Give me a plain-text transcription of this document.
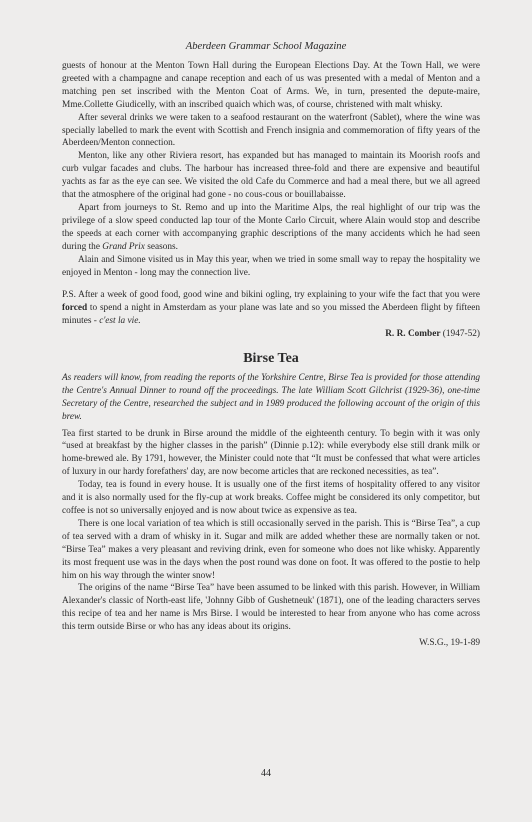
Aberdeen Grammar School Magazine

guests of honour at the Menton Town Hall during the European Elections Day. At the Town Hall, we were greeted with a champagne and canape reception and each of us was presented with a medal of Menton and a matching pen set inscribed with the Menton Coat of Arms. We, in turn, presented the depute-maire, Mme.Collette Giudicelly, with an inscribed quaich which was, of course, christened with malt whisky.

After several drinks we were taken to a seafood restaurant on the waterfront (Sablet), where the wine was specially labelled to mark the event with Scottish and French insignia and commemoration of fifty years of the Aberdeen/Menton connection.

Menton, like any other Riviera resort, has expanded but has managed to maintain its Moorish roofs and curb vulgar facades and clubs. The harbour has increased three-fold and there are expensive and beautiful yachts as far as the eye can see. We visited the old Cafe du Commerce and had a meal there, but we all agreed that the atmosphere of the original had gone - no cous-cous or bouillabaisse.

Apart from journeys to St. Remo and up into the Maritime Alps, the real highlight of our trip was the privilege of a slow speed conducted lap tour of the Monte Carlo Circuit, where Alain would stop and describe the speeds at each corner with accompanying graphic descriptions of the many accidents which he had seen during the Grand Prix seasons.

Alain and Simone visited us in May this year, when we tried in some small way to repay the hospitality we enjoyed in Menton - long may the connection live.

P.S. After a week of good food, good wine and bikini ogling, try explaining to your wife the fact that you were forced to spend a night in Amsterdam as your plane was late and so you missed the Aberdeen flight by fifteen minutes - c'est la vie.

R. R. Comber (1947-52)

Birse Tea

As readers will know, from reading the reports of the Yorkshire Centre, Birse Tea is provided for those attending the Centre's Annual Dinner to round off the proceedings. The late William Scott Gilchrist (1929-36), one-time Secretary of the Centre, researched the subject and in 1989 produced the following account of the origin of this brew.

Tea first started to be drunk in Birse around the middle of the eighteenth century. To begin with it was only “used at breakfast by the higher classes in the parish” (Dinnie p.12): while everybody else still drank milk or home-brewed ale. By 1791, however, the Minister could note that “It must be confessed that what were articles of luxury in our hardy forefathers' day, are now become articles that are reckoned necessities, as tea”.

Today, tea is found in every house. It is usually one of the first items of hospitality offered to any visitor and it is also normally used for the fly-cup at work breaks. Coffee might be considered its only competitor, but coffee is not so universally enjoyed and is now about twice as expensive as tea.

There is one local variation of tea which is still occasionally served in the parish. This is “Birse Tea”, a cup of tea served with a dram of whisky in it. Sugar and milk are added whether these are normally taken or not. “Birse Tea” makes a very pleasant and reviving drink, even for someone who does not like whisky. Apparently its most frequent use was in the days when the post round was done on foot. It was offered to the postie to help him on his way through the winter snow!

The origins of the name “Birse Tea” have been assumed to be linked with this parish. However, in William Alexander's classic of North-east life, 'Johnny Gibb of Gushetneuk' (1871), one of the leading characters serves this recipe of tea and her name is Mrs Birse. I would be interested to hear from anyone who has come across this term outside Birse or who has any ideas about its origins.

W.S.G., 19-1-89

44
